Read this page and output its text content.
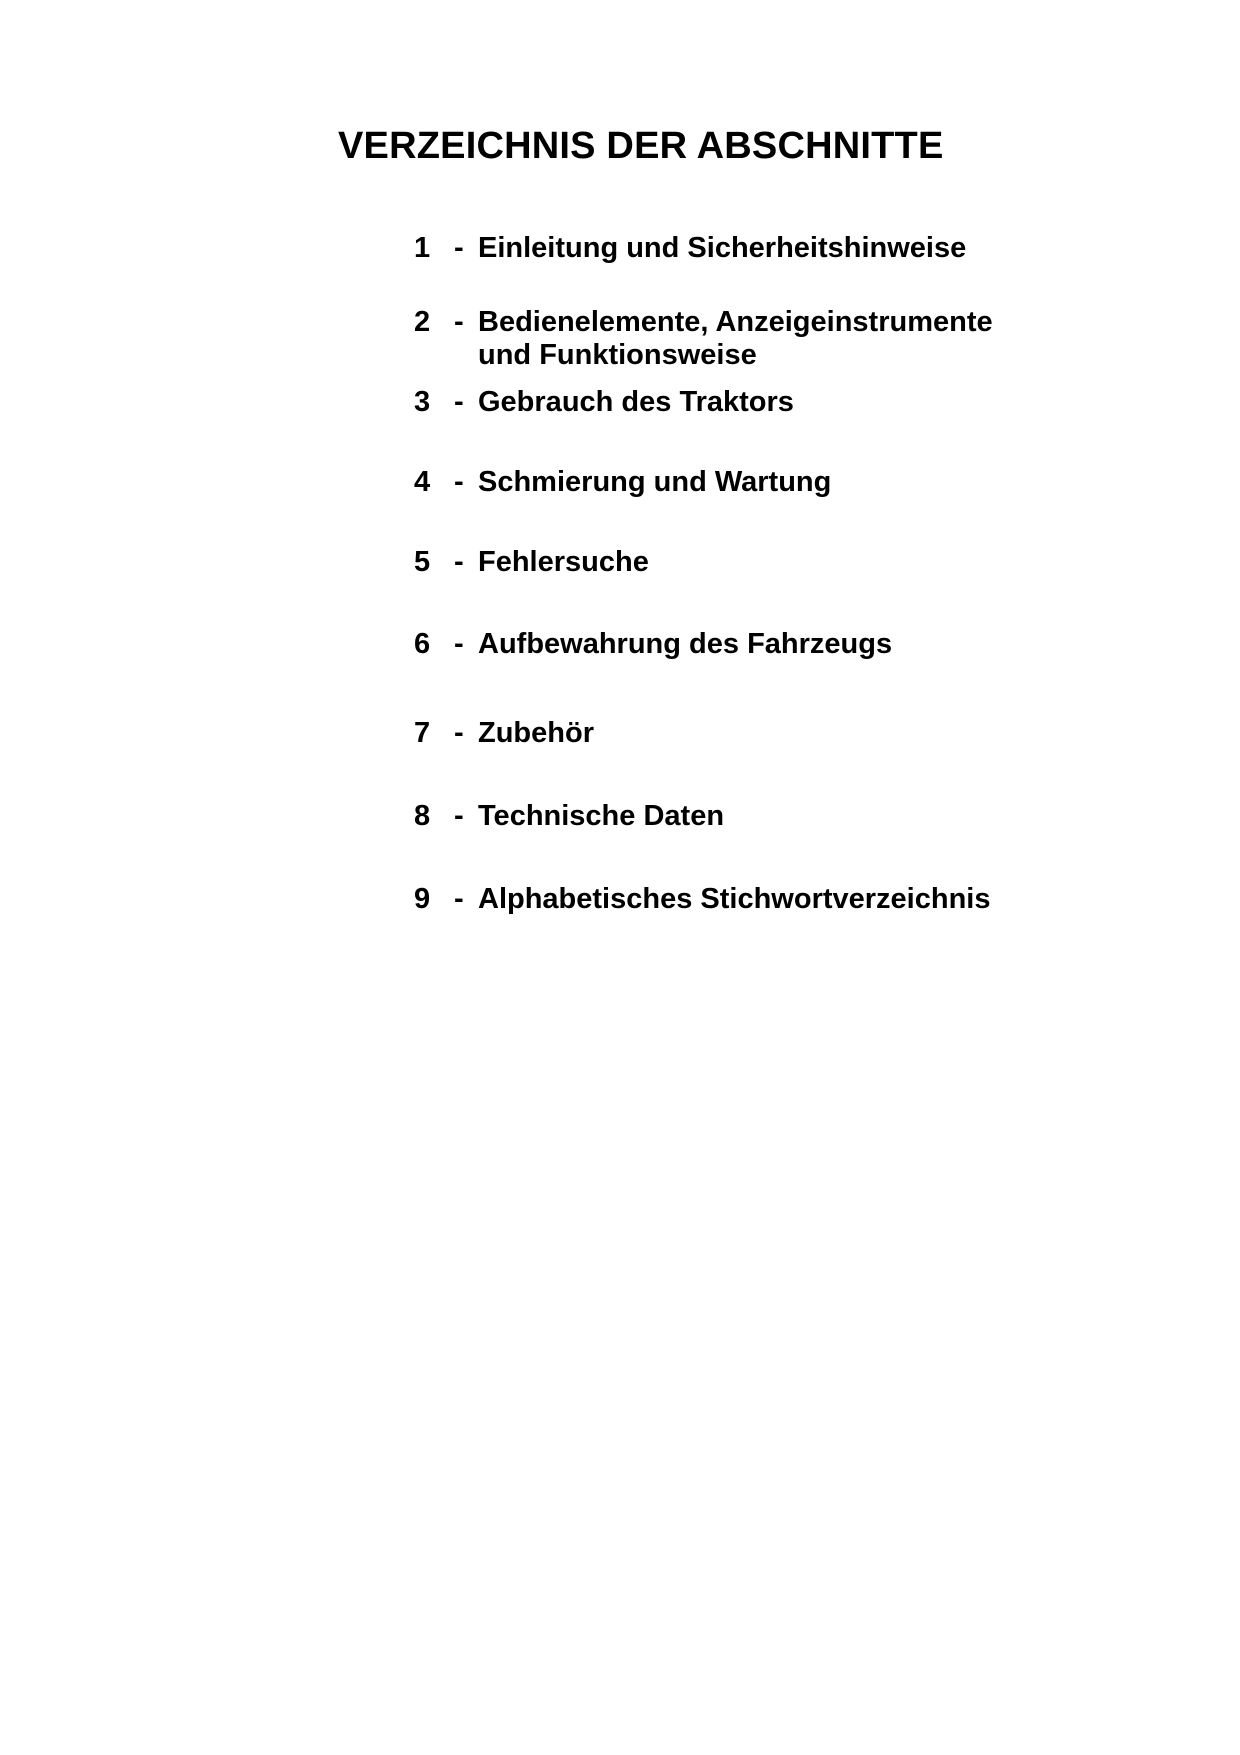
VERZEICHNIS DER ABSCHNITTE
1 - Einleitung und Sicherheitshinweise
2 - Bedienelemente, Anzeigeinstrumente
und Funktionsweise
3 - Gebrauch des Traktors
4 - Schmierung und Wartung
5 - Fehlersuche
6 - Aufbewahrung des Fahrzeugs
7 - Zubehör
8 - Technische Daten
9 - Alphabetisches Stichwortverzeichnis
